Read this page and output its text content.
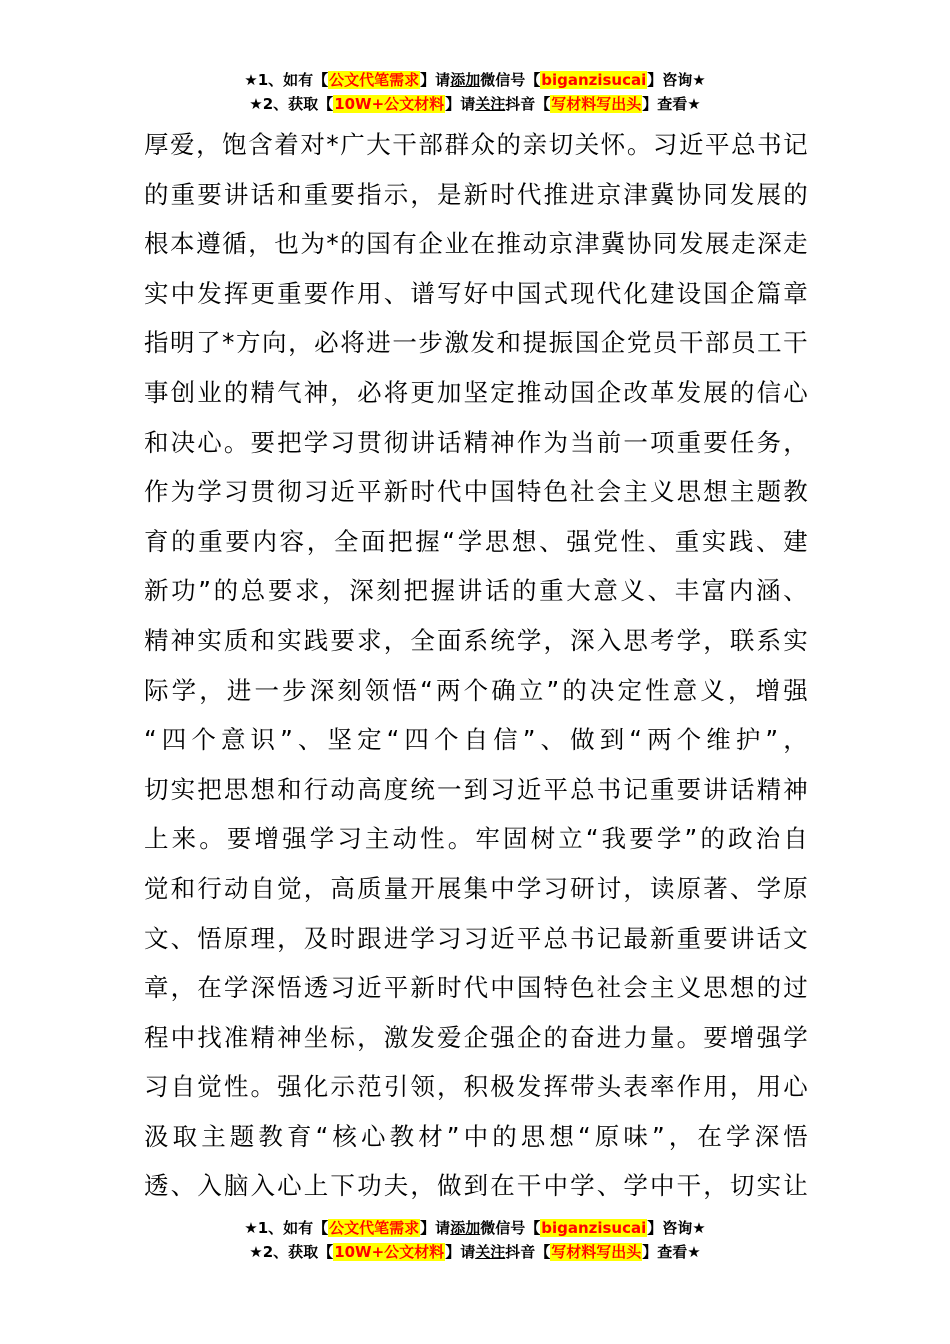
★1、如有【公文代笔需求】请添加微信号【biganzisucai】咨询★
★2、获取【10W+公文材料】请关注抖音【写材料写出头】查看★
厚爱，饱含着对*广大干部群众的亲切关怀。习近平总书记
的重要讲话和重要指示，是新时代推进京津冀协同发展的
根本遵循，也为*的国有企业在推动京津冀协同发展走深走
实中发挥更重要作用、谱写好中国式现代化建设国企篇章
指明了*方向，必将进一步激发和提振国企党员干部员工干
事创业的精气神，必将更加坚定推动国企改革发展的信心
和决心。要把学习贯彻讲话精神作为当前一项重要任务，
作为学习贯彻习近平新时代中国特色社会主义思想主题教
育的重要内容，全面把握“学思想、强党性、重实践、建
新功”的总要求，深刻把握讲话的重大意义、丰富内涵、
精神实质和实践要求，全面系统学，深入思考学，联系实
际学，进一步深刻领悟“两个确立”的决定性意义，增强
“四个意识”、坚定“四个自信”、做到“两个维护”，
切实把思想和行动高度统一到习近平总书记重要讲话精神
上来。要增强学习主动性。牢固树立“我要学”的政治自
觉和行动自觉，高质量开展集中学习研讨，读原著、学原
文、悟原理，及时跟进学习习近平总书记最新重要讲话文
章，在学深悟透习近平新时代中国特色社会主义思想的过
程中找准精神坐标，激发爱企强企的奋进力量。要增强学
习自觉性。强化示范引领，积极发挥带头表率作用，用心
汲取主题教育“核心教材”中的思想“原味”，在学深悟
透、入脑入心上下功夫，做到在干中学、学中干，切实让
★1、如有【公文代笔需求】请添加微信号【biganzisucai】咨询★
★2、获取【10W+公文材料】请关注抖音【写材料写出头】查看★
